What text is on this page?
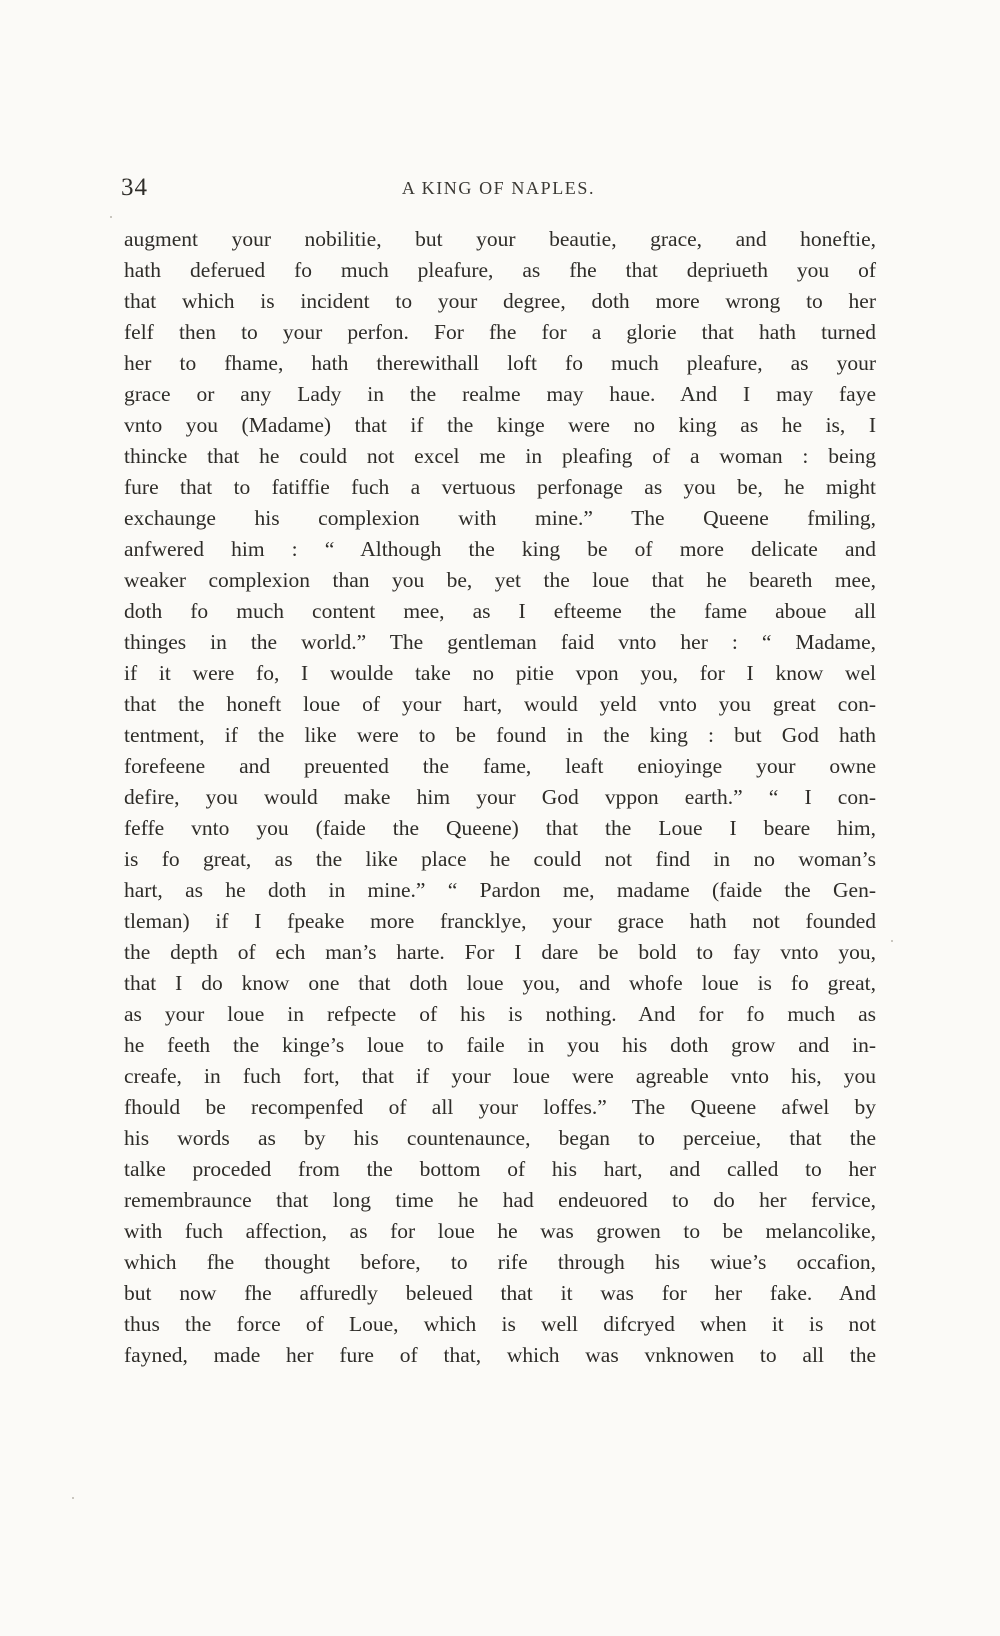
34	A KING OF NAPLES.
augment your nobilitie, but your beautie, grace, and honeftie,
hath deferued fo much pleafure, as fhe that depriueth you of
that which is incident to your degree, doth more wrong to her
felf then to your perfon. For fhe for a glorie that hath turned
her to fhame, hath therewithall loft fo much pleafure, as your
grace or any Lady in the realme may haue. And I may faye
vnto you (Madame) that if the kinge were no king as he is, I
thincke that he could not excel me in pleafing of a woman : being
fure that to fatiffie fuch a vertuous perfonage as you be, he might
exchaunge his complexion with mine.” The Queene fmiling,
anfwered him : “ Although the king be of more delicate and
weaker complexion than you be, yet the loue that he beareth mee,
doth fo much content mee, as I efteeme the fame aboue all
thinges in the world.” The gentleman faid vnto her : “ Madame,
if it were fo, I woulde take no pitie vpon you, for I know wel
that the honeft loue of your hart, would yeld vnto you great con-
tentment, if the like were to be found in the king : but God hath
forefeene and preuented the fame, leaft enioyinge your owne
defire, you would make him your God vppon earth.” “ I con-
feffe vnto you (faide the Queene) that the Loue I beare him,
is fo great, as the like place he could not find in no woman’s
hart, as he doth in mine.” “ Pardon me, madame (faide the Gen-
tleman) if I fpeake more francklye, your grace hath not founded
the depth of ech man’s harte. For I dare be bold to fay vnto you,
that I do know one that doth loue you, and whofe loue is fo great,
as your loue in refpecte of his is nothing. And for fo much as
he feeth the kinge’s loue to faile in you his doth grow and in-
creafe, in fuch fort, that if your loue were agreable vnto his, you
fhould be recompenfed of all your loffes.” The Queene afwel by
his words as by his countenaunce, began to perceiue, that the
talke proceded from the bottom of his hart, and called to her
remembraunce that long time he had endeuored to do her fervice,
with fuch affection, as for loue he was growen to be melancolike,
which fhe thought before, to rife through his wiue’s occafion,
but now fhe affuredly beleued that it was for her fake. And
thus the force of Loue, which is well difcryed when it is not
fayned, made her fure of that, which was vnknowen to all the
